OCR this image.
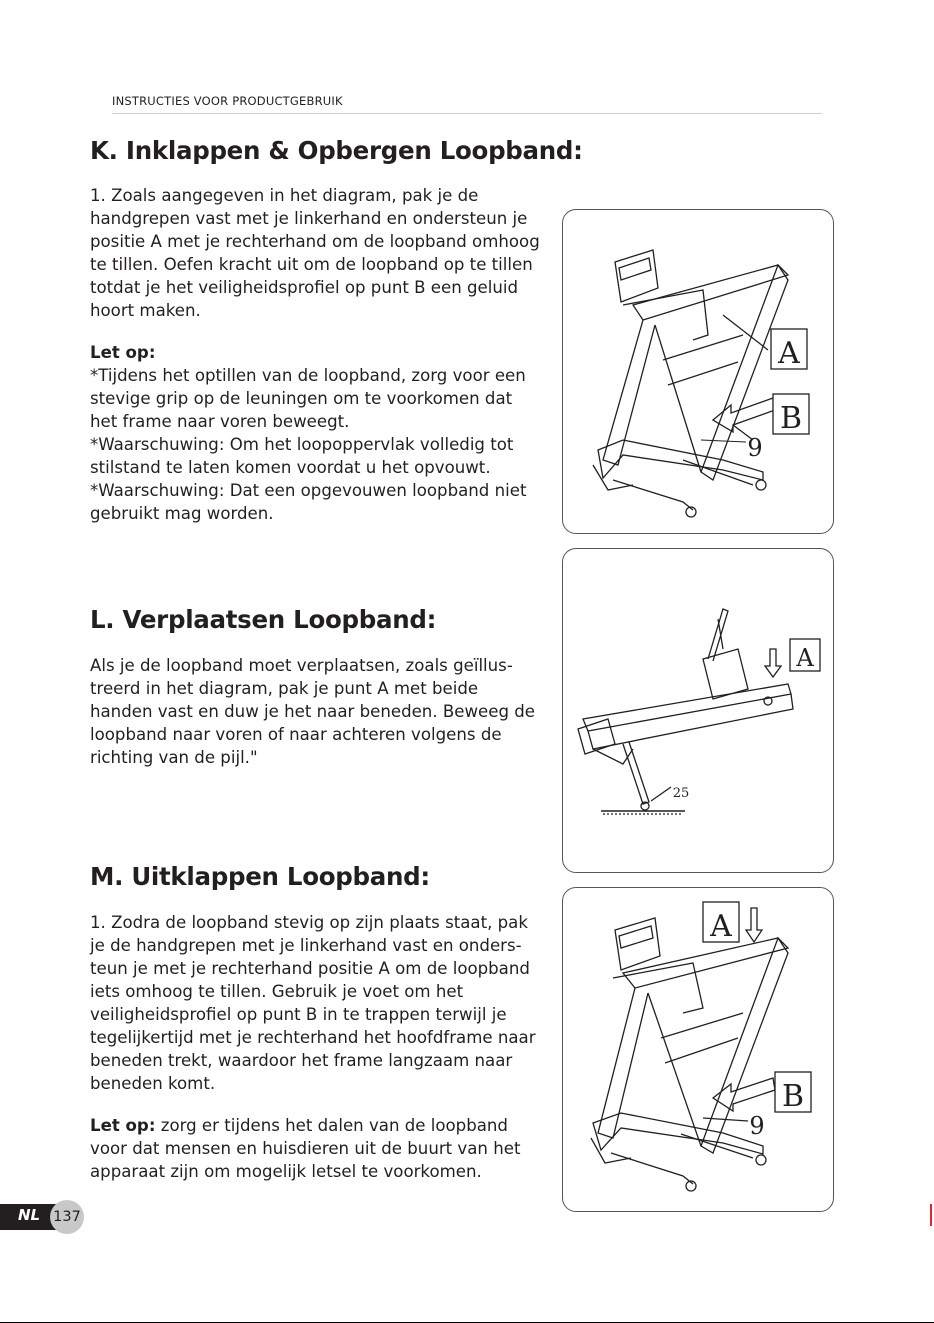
INSTRUCTIES VOOR PRODUCTGEBRUIK
K. Inklappen & Opbergen Loopband:

1. Zoals aangegeven in het diagram, pak je de handgrepen vast met je linkerhand en ondersteun je positie A met je rechterhand om de loopband omhoog te tillen. Oefen kracht uit om de loopband op te tillen totdat je het veiligheidsprofiel op punt B een geluid hoort maken.

Let op:

*Tijdens het optillen van de loopband, zorg voor een stevige grip op de leuningen om te voorkomen dat het frame naar voren beweegt.

*Waarschuwing: Om het loopoppervlak volledig tot stilstand te laten komen voordat u het opvouwt.

*Waarschuwing: Dat een opgevouwen loopband niet gebruikt mag worden.

A
B
9
L. Verplaatsen Loopband:

Als je de loopband moet verplaatsen, zoals geïllus-treerd in het diagram, pak je punt A met beide handen vast en duw je het naar beneden. Beweeg de loopband naar voren of naar achteren volgens de richting van de pijl."

A
25
M. Uitklappen Loopband:

1. Zodra de loopband stevig op zijn plaats staat, pak je de handgrepen met je linkerhand vast en onders-teun je met je rechterhand positie A om de loopband iets omhoog te tillen. Gebruik je voet om het veiligheidsprofiel op punt B in te trappen terwijl je tegelijkertijd met je rechterhand het hoofdframe naar beneden trekt, waardoor het frame langzaam naar beneden komt.

Let op: zorg er tijdens het dalen van de loopband voor dat mensen en huisdieren uit de buurt van het apparaat zijn om mogelijk letsel te voorkomen.

A
B
9
NL 137
